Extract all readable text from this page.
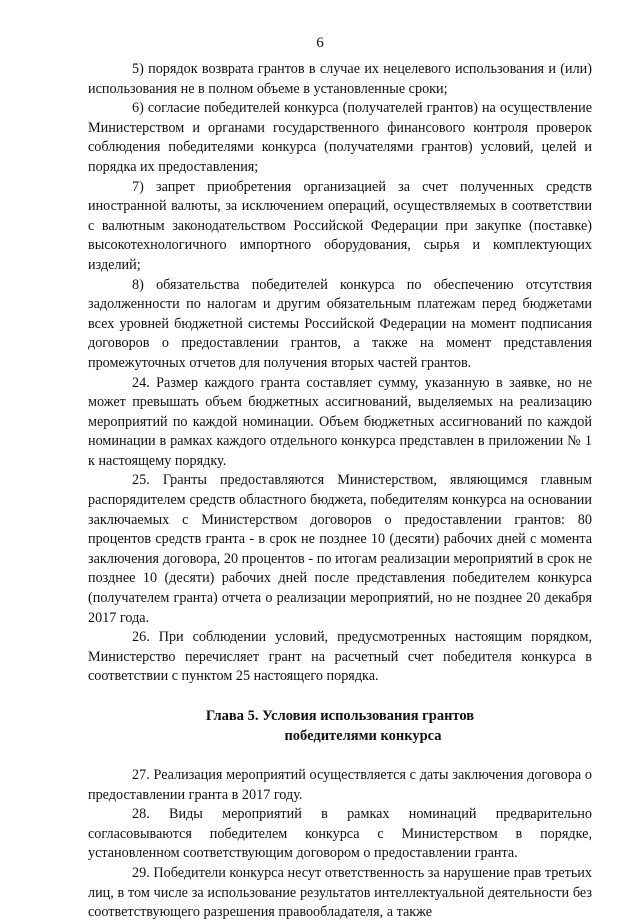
6

5) порядок возврата грантов в случае их нецелевого использования и (или) использования не в полном объеме в установленные сроки;

6) согласие победителей конкурса (получателей грантов) на осуществление Министерством и органами государственного финансового контроля проверок соблюдения победителями конкурса (получателями грантов) условий, целей и порядка их предоставления;

7) запрет приобретения организацией за счет полученных средств иностранной валюты, за исключением операций, осуществляемых в соответствии с валютным законодательством Российской Федерации при закупке (поставке) высокотехнологичного импортного оборудования, сырья и комплектующих изделий;

8) обязательства победителей конкурса по обеспечению отсутствия задолженности по налогам и другим обязательным платежам перед бюджетами всех уровней бюджетной системы Российской Федерации на момент подписания договоров о предоставлении грантов, а также на момент представления промежуточных отчетов для получения вторых частей грантов.

24. Размер каждого гранта составляет сумму, указанную в заявке, но не может превышать объем бюджетных ассигнований, выделяемых на реализацию мероприятий по каждой номинации. Объем бюджетных ассигнований по каждой номинации в рамках каждого отдельного конкурса представлен в приложении № 1 к настоящему порядку.

25. Гранты предоставляются Министерством, являющимся главным распорядителем средств областного бюджета, победителям конкурса на основании заключаемых с Министерством договоров о предоставлении грантов: 80 процентов средств гранта - в срок не позднее 10 (десяти) рабочих дней с момента заключения договора, 20 процентов - по итогам реализации мероприятий в срок не позднее 10 (десяти) рабочих дней после представления победителем конкурса (получателем гранта) отчета о реализации мероприятий, но не позднее 20 декабря 2017 года.

26. При соблюдении условий, предусмотренных настоящим порядком, Министерство перечисляет грант на расчетный счет победителя конкурса в соответствии с пунктом 25 настоящего порядка.

Глава 5. Условия использования грантов
победителями конкурса

27. Реализация мероприятий осуществляется с даты заключения договора о предоставлении гранта в 2017 году.

28. Виды мероприятий в рамках номинаций предварительно согласовываются победителем конкурса с Министерством в порядке, установленном соответствующим договором о предоставлении гранта.

29. Победители конкурса несут ответственность за нарушение прав третьих лиц, в том числе за использование результатов интеллектуальной деятельности без соответствующего разрешения правообладателя, а также
